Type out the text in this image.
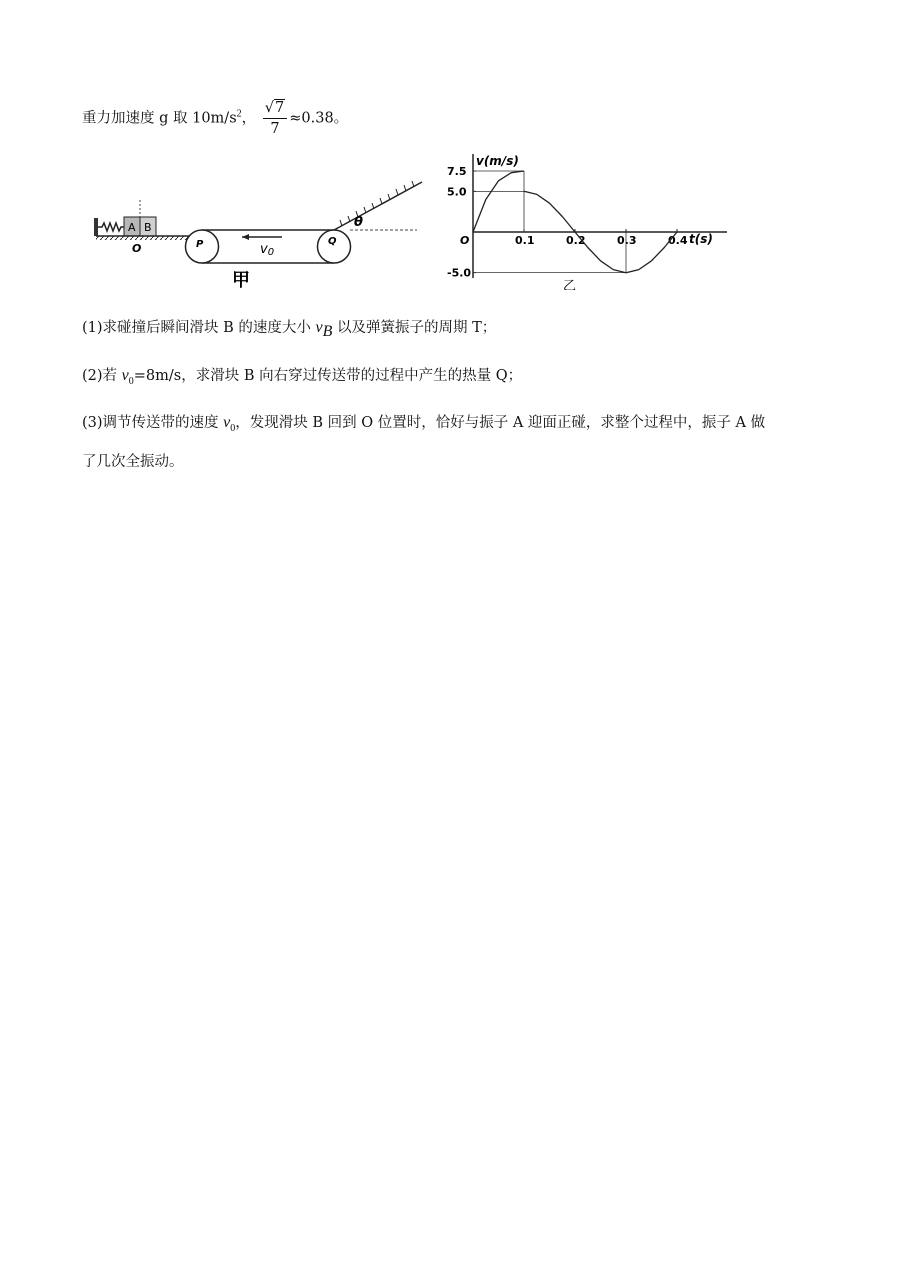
重力加速度 g 取 $10m/s^2$， $\frac{√7}{7} \approx 0.38$。
A B
O	P	Q
v0
θ
甲
v(m/s)
t(s)
O
乙
0.1	0.2	0.3	0.4
7.5
5.0
-5.0
(1)求碰撞后瞬间滑块 B 的速度大小 $v_B$ 以及弹簧振子的周期 T；
(2)若 $v_0=8m/s$，求滑块 B 向右穿过传送带的过程中产生的热量 Q；
(3)调节传送带的速度 $v_0$，发现滑块 B 回到 O 位置时，恰好与振子 A 迎面正碰，求整个过程中，振子 A 做
了几次全振动。
